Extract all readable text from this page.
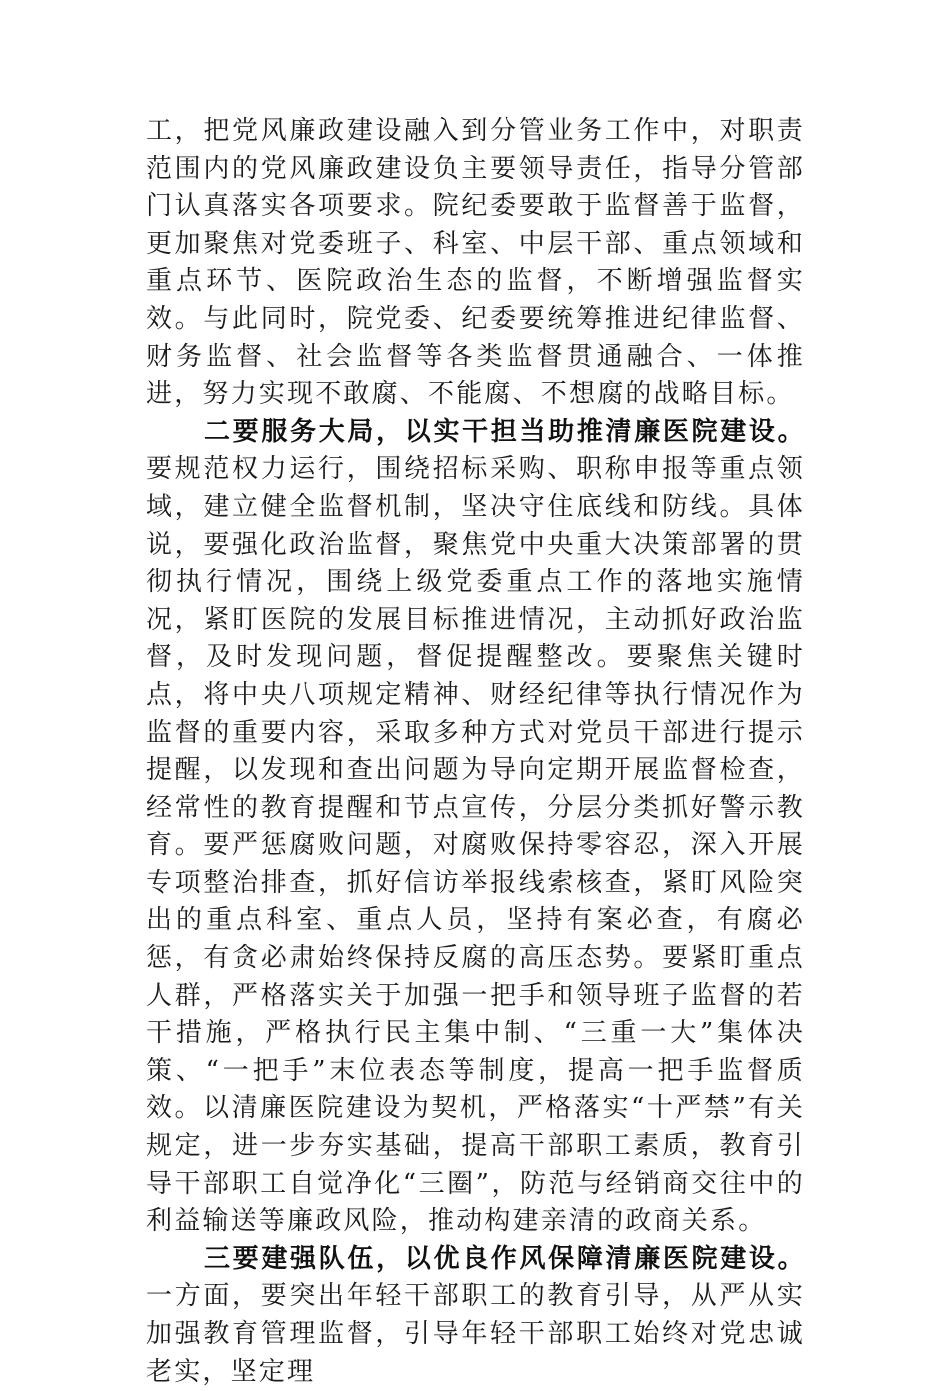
工，把党风廉政建设融入到分管业务工作中，对职责范围内的党风廉政建设负主要领导责任，指导分管部门认真落实各项要求。院纪委要敢于监督善于监督，更加聚焦对党委班子、科室、中层干部、重点领域和重点环节、医院政治生态的监督，不断增强监督实效。与此同时，院党委、纪委要统筹推进纪律监督、财务监督、社会监督等各类监督贯通融合、一体推进，努力实现不敢腐、不能腐、不想腐的战略目标。

二要服务大局，以实干担当助推清廉医院建设。要规范权力运行，围绕招标采购、职称申报等重点领域，建立健全监督机制，坚决守住底线和防线。具体说，要强化政治监督，聚焦党中央重大决策部署的贯彻执行情况，围绕上级党委重点工作的落地实施情况，紧盯医院的发展目标推进情况，主动抓好政治监督，及时发现问题，督促提醒整改。要聚焦关键时点，将中央八项规定精神、财经纪律等执行情况作为监督的重要内容，采取多种方式对党员干部进行提示提醒，以发现和查出问题为导向定期开展监督检查，经常性的教育提醒和节点宣传，分层分类抓好警示教育。要严惩腐败问题，对腐败保持零容忍，深入开展专项整治排查，抓好信访举报线索核查，紧盯风险突出的重点科室、重点人员，坚持有案必查，有腐必惩，有贪必肃始终保持反腐的高压态势。要紧盯重点人群，严格落实关于加强一把手和领导班子监督的若干措施，严格执行民主集中制、“三重一大”集体决策、“一把手”末位表态等制度，提高一把手监督质效。以清廉医院建设为契机，严格落实“十严禁”有关规定，进一步夯实基础，提高干部职工素质，教育引导干部职工自觉净化“三圈”，防范与经销商交往中的利益输送等廉政风险，推动构建亲清的政商关系。

三要建强队伍，以优良作风保障清廉医院建设。一方面，要突出年轻干部职工的教育引导，从严从实加强教育管理监督，引导年轻干部职工始终对党忠诚老实，坚定理
